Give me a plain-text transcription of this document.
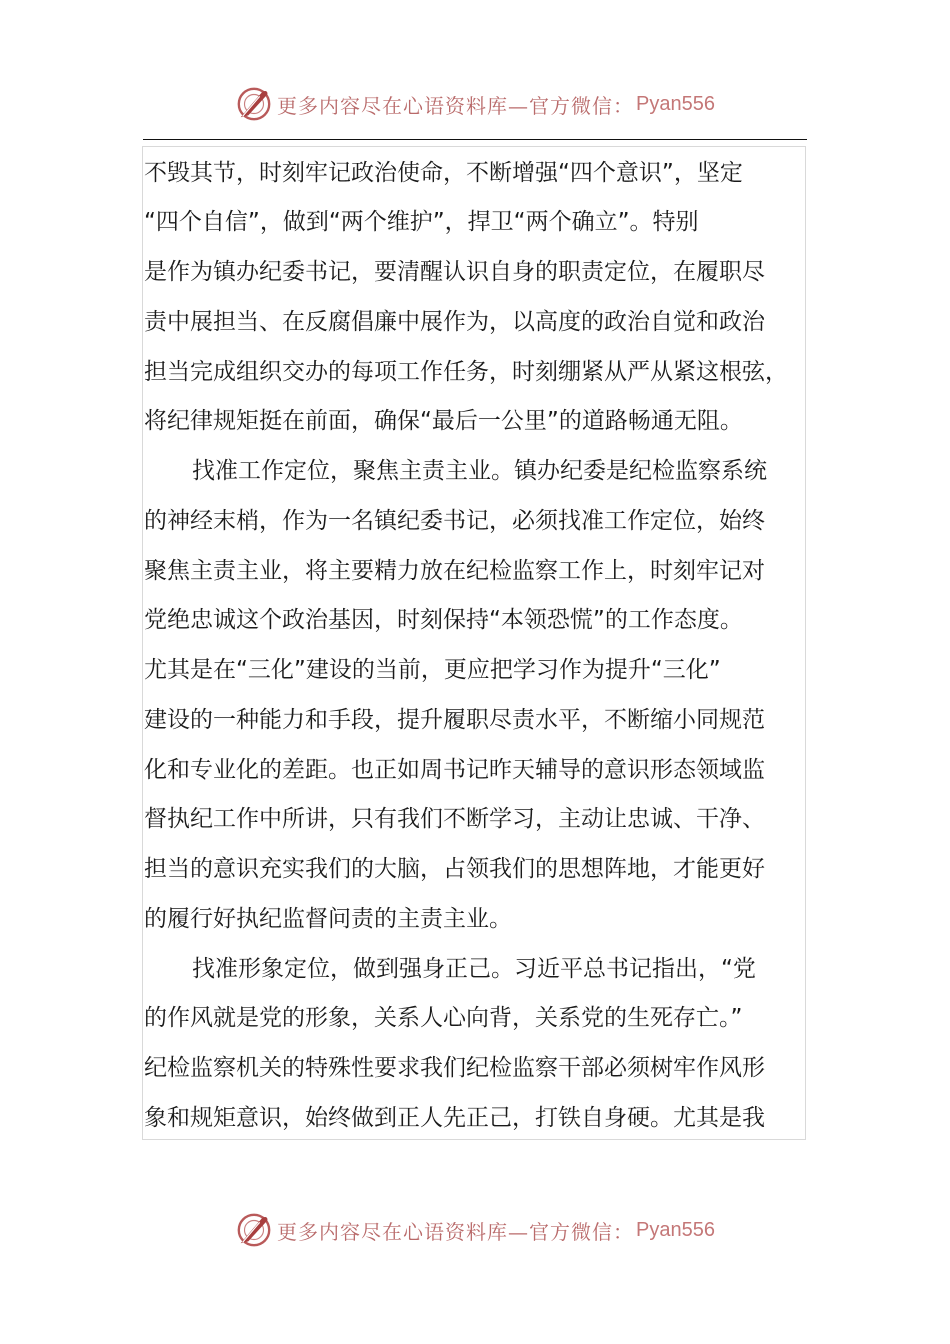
更多内容尽在心语资料库—官方微信： Pyan556
不毁其节，时刻牢记政治使命，不断增强“四个意识”，坚定
“四个自信”，做到“两个维护”，捍卫“两个确立”。特别
是作为镇办纪委书记，要清醒认识自身的职责定位，在履职尽
责中展担当、在反腐倡廉中展作为，以高度的政治自觉和政治
担当完成组织交办的每项工作任务，时刻绷紧从严从紧这根弦，
将纪律规矩挺在前面，确保“最后一公里”的道路畅通无阻。
找准工作定位，聚焦主责主业。镇办纪委是纪检监察系统
的神经末梢，作为一名镇纪委书记，必须找准工作定位，始终
聚焦主责主业，将主要精力放在纪检监察工作上，时刻牢记对
党绝忠诚这个政治基因，时刻保持“本领恐慌”的工作态度。
尤其是在“三化”建设的当前，更应把学习作为提升“三化”
建设的一种能力和手段，提升履职尽责水平，不断缩小同规范
化和专业化的差距。也正如周书记昨天辅导的意识形态领域监
督执纪工作中所讲，只有我们不断学习，主动让忠诚、干净、
担当的意识充实我们的大脑，占领我们的思想阵地，才能更好
的履行好执纪监督问责的主责主业。
找准形象定位，做到强身正己。习近平总书记指出，“党
的作风就是党的形象，关系人心向背，关系党的生死存亡。”
纪检监察机关的特殊性要求我们纪检监察干部必须树牢作风形
象和规矩意识，始终做到正人先正己，打铁自身硬。尤其是我
更多内容尽在心语资料库—官方微信： Pyan556
